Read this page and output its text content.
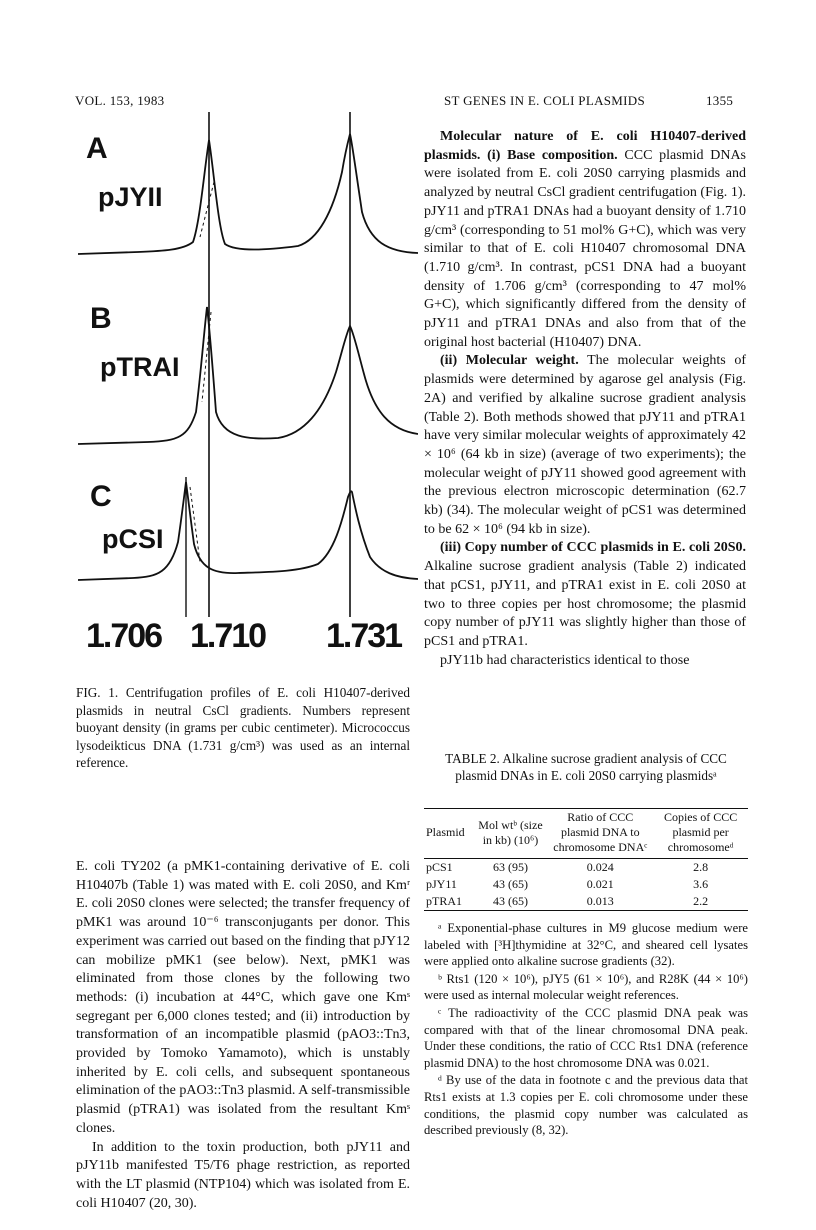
VOL. 153, 1983	ST GENES IN E. COLI PLASMIDS	1355
A
pJYII
B
pTRAI
C
pCSI
1.706 1.710 1.731
FIG. 1. Centrifugation profiles of E. coli H10407-derived plasmids in neutral CsCl gradients. Numbers represent buoyant density (in grams per cubic centimeter). Micrococcus lysodeikticus DNA (1.731 g/cm³) was used as an internal reference.

E. coli TY202 (a pMK1-containing derivative of E. coli H10407b (Table 1) was mated with E. coli 20S0, and Kmʳ E. coli 20S0 clones were selected; the transfer frequency of pMK1 was around 10⁻⁶ transconjugants per donor. This experiment was carried out based on the finding that pJY12 can mobilize pMK1 (see below). Next, pMK1 was eliminated from those clones by the following two methods: (i) incubation at 44°C, which gave one Kmˢ segregant per 6,000 clones tested; and (ii) introduction by transformation of an incompatible plasmid (pAO3::Tn3, provided by Tomoko Yamamoto), which is unstably inherited by E. coli cells, and subsequent spontaneous elimination of the pAO3::Tn3 plasmid. A self-transmissible plasmid (pTRA1) was isolated from the resultant Kmˢ clones.

In addition to the toxin production, both pJY11 and pJY11b manifested T5/T6 phage restriction, as reported with the LT plasmid (NTP104) which was isolated from E. coli H10407 (20, 30).

Molecular nature of E. coli H10407-derived plasmids. (i) Base composition. CCC plasmid DNAs were isolated from E. coli 20S0 carrying plasmids and analyzed by neutral CsCl gradient centrifugation (Fig. 1). pJY11 and pTRA1 DNAs had a buoyant density of 1.710 g/cm³ (corresponding to 51 mol% G+C), which was very similar to that of E. coli H10407 chromosomal DNA (1.710 g/cm³. In contrast, pCS1 DNA had a buoyant density of 1.706 g/cm³ (corresponding to 47 mol% G+C), which significantly differed from the density of pJY11 and pTRA1 DNAs and also from that of the original host bacterial (H10407) DNA.

(ii) Molecular weight. The molecular weights of plasmids were determined by agarose gel analysis (Fig. 2A) and verified by alkaline sucrose gradient analysis (Table 2). Both methods showed that pJY11 and pTRA1 have very similar molecular weights of approximately 42 × 10⁶ (64 kb in size) (average of two experiments); the molecular weight of pJY11 showed good agreement with the previous electron microscopic determination (62.7 kb) (34). The molecular weight of pCS1 was determined to be 62 × 10⁶ (94 kb in size).

(iii) Copy number of CCC plasmids in E. coli 20S0. Alkaline sucrose gradient analysis (Table 2) indicated that pCS1, pJY11, and pTRA1 exist in E. coli 20S0 at two to three copies per host chromosome; the plasmid copy number of pJY11 was slightly higher than those of pCS1 and pTRA1.

pJY11b had characteristics identical to those

TABLE 2. Alkaline sucrose gradient analysis of CCC plasmid DNAs in E. coli 20S0 carrying plasmidsᵃ
Plasmid	Mol wtᵇ (size in kb) (10⁶)	Ratio of CCC plasmid DNA to chromosome DNAᶜ	Copies of CCC plasmid per chromosomeᵈ

pCS1	63 (95)	0.024	2.8
pJY11	43 (65)	0.021	3.6
pTRA1	43 (65)	0.013	2.2

ᵃ Exponential-phase cultures in M9 glucose medium were labeled with [³H]thymidine at 32°C, and sheared cell lysates were applied onto alkaline sucrose gradients (32).

ᵇ Rts1 (120 × 10⁶), pJY5 (61 × 10⁶), and R28K (44 × 10⁶) were used as internal molecular weight references.

ᶜ The radioactivity of the CCC plasmid DNA peak was compared with that of the linear chromosomal DNA peak. Under these conditions, the ratio of CCC Rts1 DNA (reference plasmid DNA) to the host chromosome DNA was 0.021.

ᵈ By use of the data in footnote c and the previous data that Rts1 exists at 1.3 copies per E. coli chromosome under these conditions, the plasmid copy number was calculated as described previously (8, 32).
